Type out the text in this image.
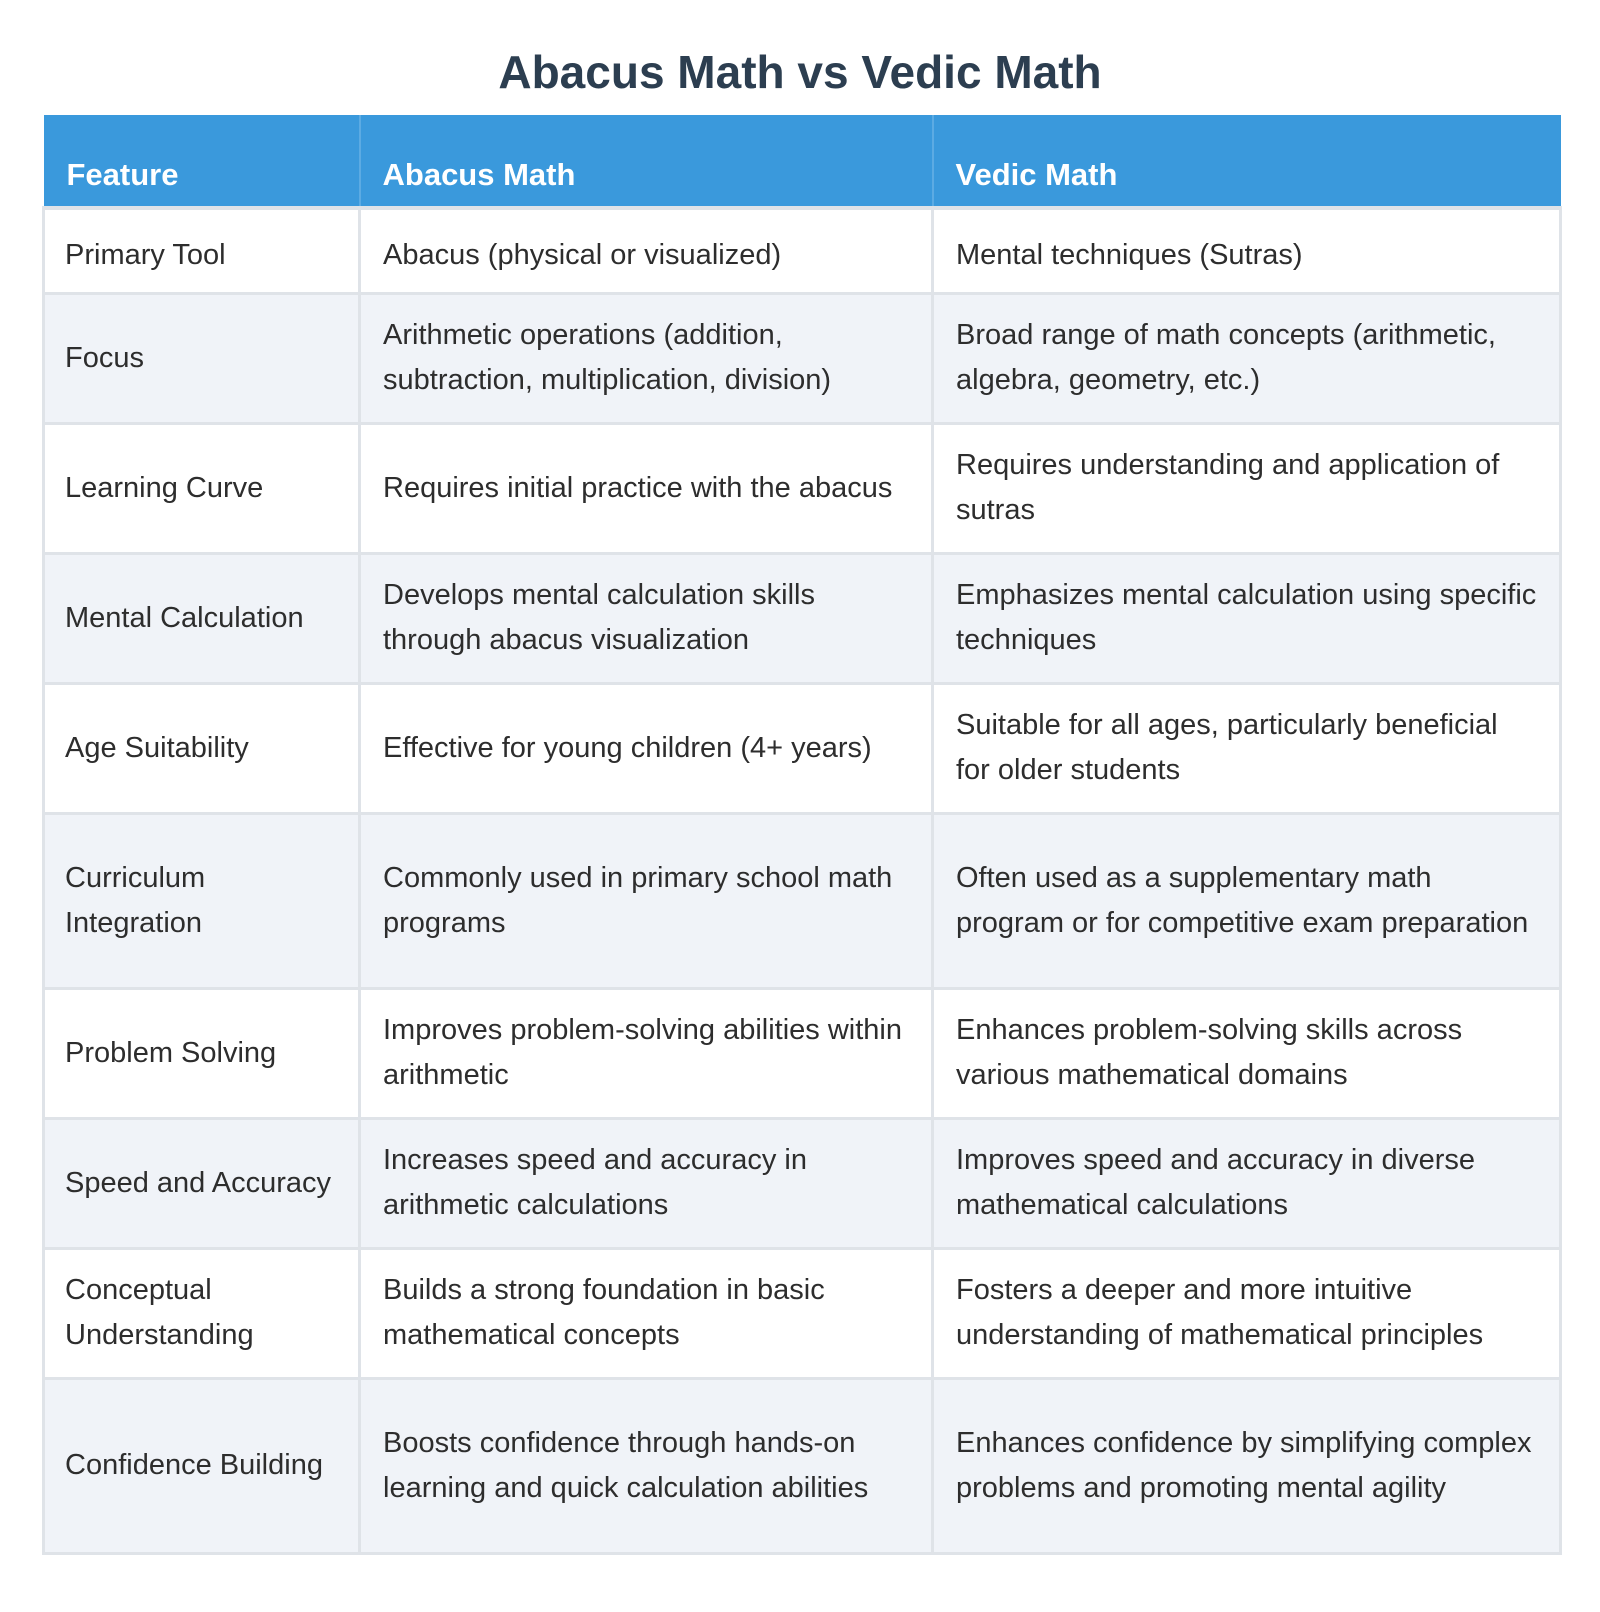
Abacus Math vs Vedic Math
Feature	Abacus Math	Vedic Math
Primary Tool	Abacus (physical or visualized)	Mental techniques (Sutras)
Focus	Arithmetic operations (addition, subtraction, multiplication, division)	Broad range of math concepts (arithmetic, algebra, geometry, etc.)
Learning Curve	Requires initial practice with the abacus	Requires understanding and application of sutras
Mental Calculation	Develops mental calculation skills through abacus visualization	Emphasizes mental calculation using specific techniques
Age Suitability	Effective for young children (4+ years)	Suitable for all ages, particularly beneficial for older students
Curriculum Integration	Commonly used in primary school math programs	Often used as a supplementary math program or for competitive exam preparation
Problem Solving	Improves problem-solving abilities within arithmetic	Enhances problem-solving skills across various mathematical domains
Speed and Accuracy	Increases speed and accuracy in arithmetic calculations	Improves speed and accuracy in diverse mathematical calculations
Conceptual Understanding	Builds a strong foundation in basic mathematical concepts	Fosters a deeper and more intuitive understanding of mathematical principles
Confidence Building	Boosts confidence through hands-on learning and quick calculation abilities	Enhances confidence by simplifying complex problems and promoting mental agility
